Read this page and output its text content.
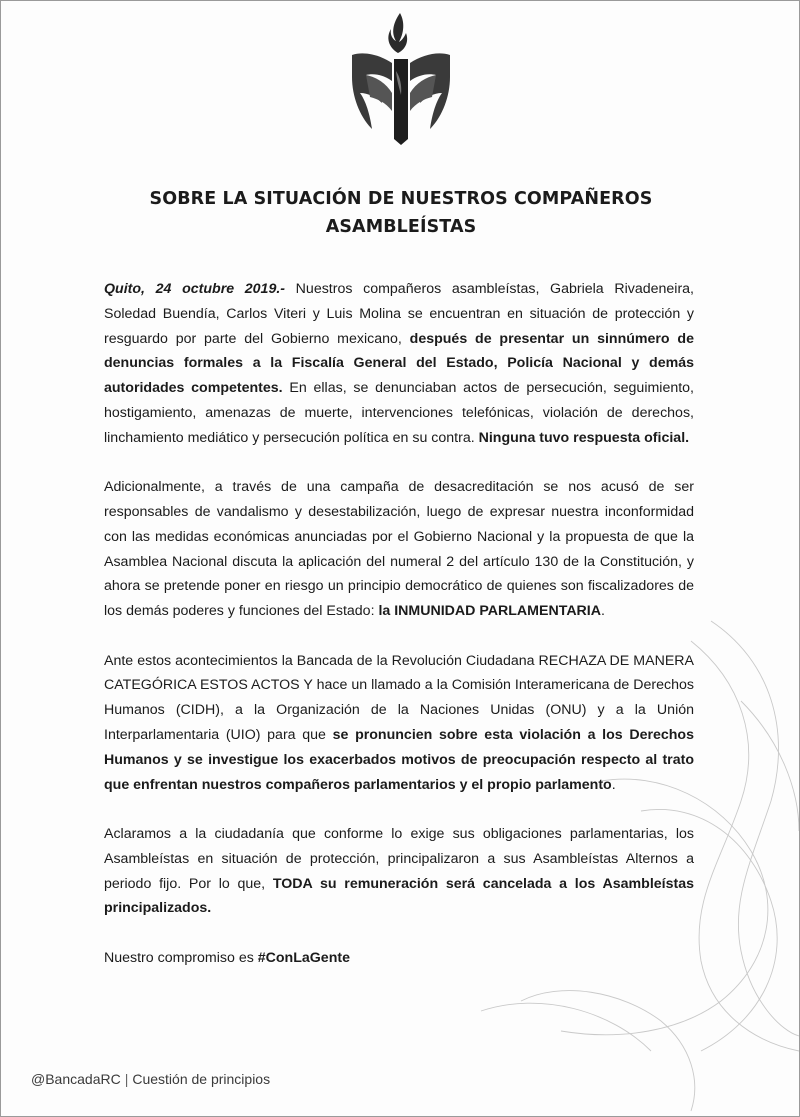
SOBRE LA SITUACIÓN DE NUESTROS COMPAÑEROS
ASAMBLEÍSTAS

Quito, 24 octubre 2019.- Nuestros compañeros asambleístas, Gabriela Rivadeneira, Soledad Buendía, Carlos Viteri y Luis Molina se encuentran en situación de protección y resguardo por parte del Gobierno mexicano, después de presentar un sinnúmero de denuncias formales a la Fiscalía General del Estado, Policía Nacional y demás autoridades competentes. En ellas, se denunciaban actos de persecución, seguimiento, hostigamiento, amenazas de muerte, intervenciones telefónicas, violación de derechos, linchamiento mediático y persecución política en su contra. Ninguna tuvo respuesta oficial.

Adicionalmente, a través de una campaña de desacreditación se nos acusó de ser responsables de vandalismo y desestabilización, luego de expresar nuestra inconformidad con las medidas económicas anunciadas por el Gobierno Nacional y la propuesta de que la Asamblea Nacional discuta la aplicación del numeral 2 del artículo 130 de la Constitución, y ahora se pretende poner en riesgo un principio democrático de quienes son fiscalizadores de los demás poderes y funciones del Estado: la INMUNIDAD PARLAMENTARIA.

Ante estos acontecimientos la Bancada de la Revolución Ciudadana RECHAZA DE MANERA CATEGÓRICA ESTOS ACTOS Y hace un llamado a la Comisión Interamericana de Derechos Humanos (CIDH), a la Organización de la Naciones Unidas (ONU) y a la Unión Interparlamentaria (UIO) para que se pronuncien sobre esta violación a los Derechos Humanos y se investigue los exacerbados motivos de preocupación respecto al trato que enfrentan nuestros compañeros parlamentarios y el propio parlamento.

Aclaramos a la ciudadanía que conforme lo exige sus obligaciones parlamentarias, los Asambleístas en situación de protección, principalizaron a sus Asambleístas Alternos a periodo fijo. Por lo que, TODA su remuneración será cancelada a los Asambleístas principalizados.

Nuestro compromiso es #ConLaGente

@BancadaRC | Cuestión de principios
